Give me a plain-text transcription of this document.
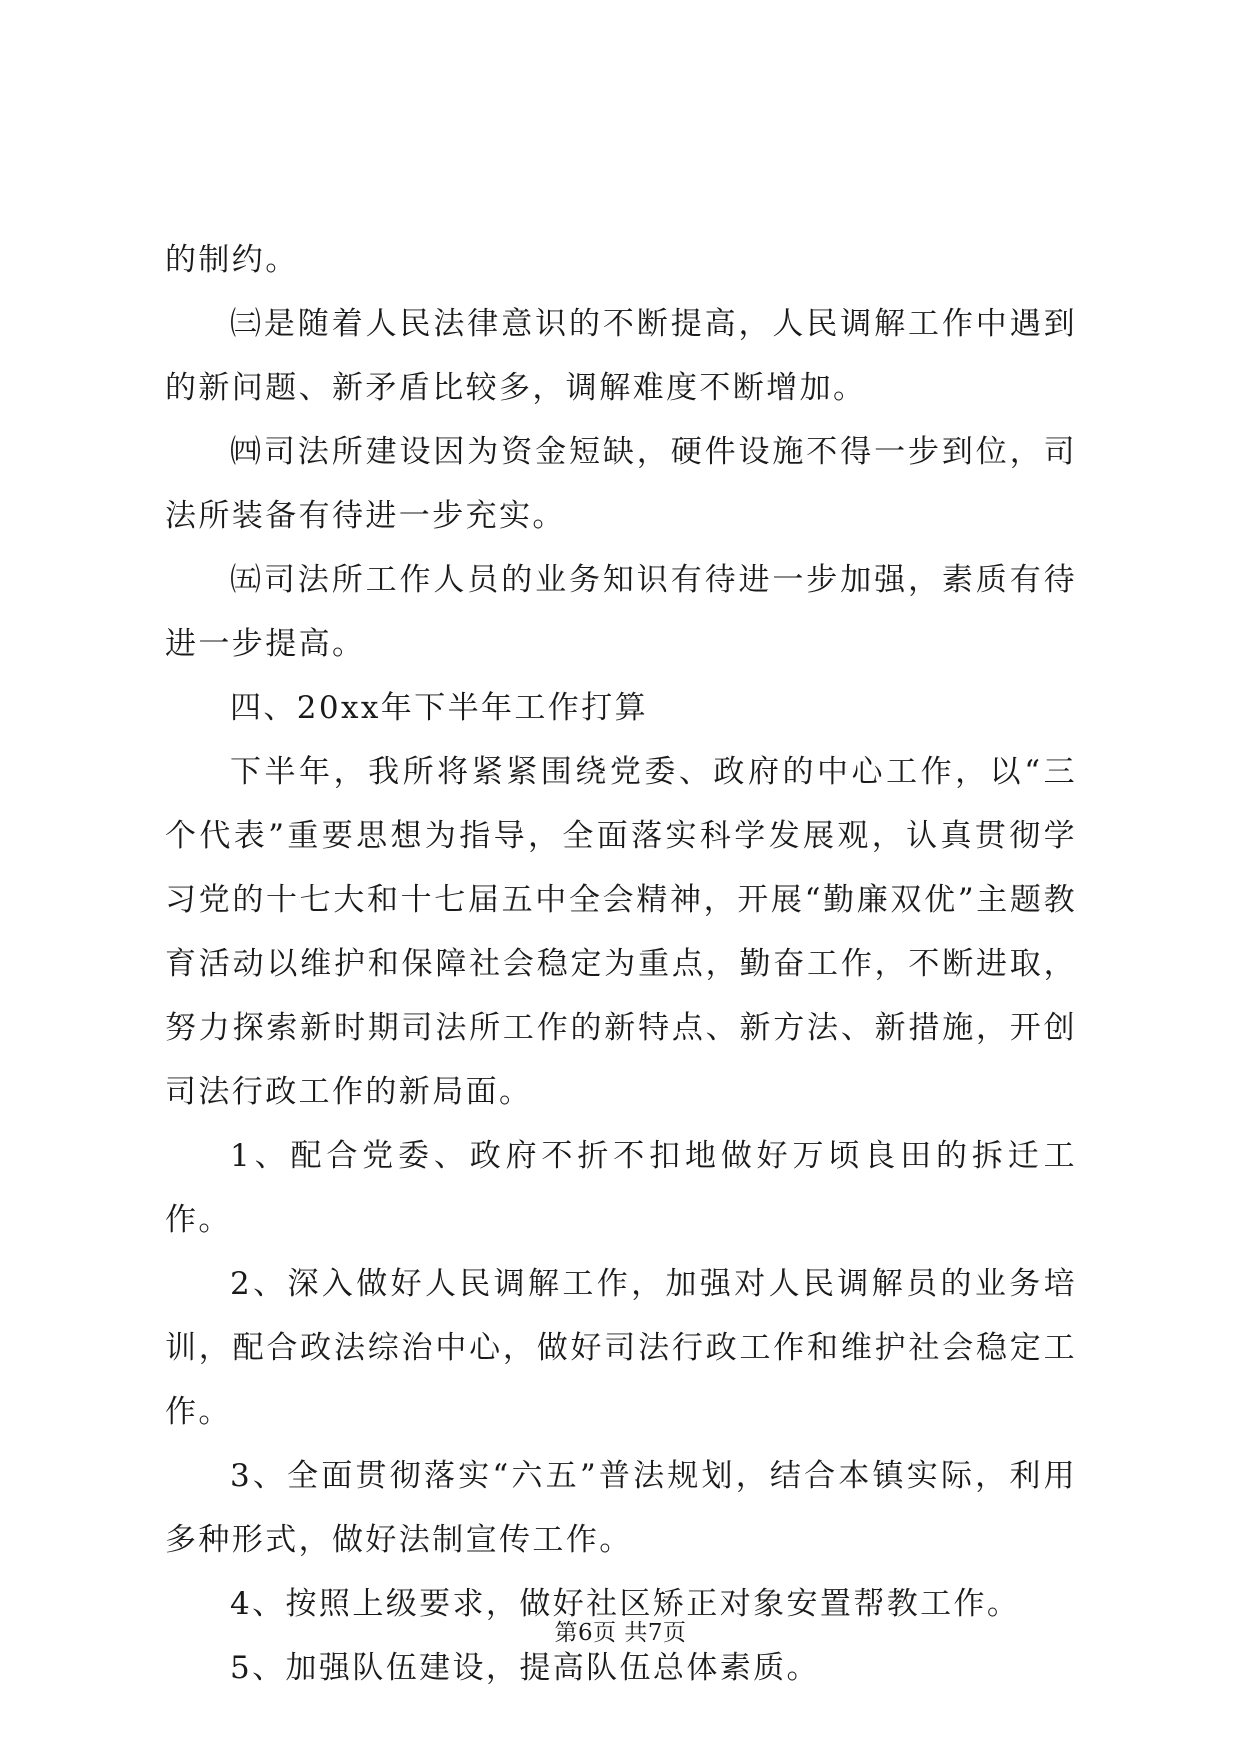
的制约。

㈢是随着人民法律意识的不断提高，人民调解工作中遇到的新问题、新矛盾比较多，调解难度不断增加。

㈣司法所建设因为资金短缺，硬件设施不得一步到位，司法所装备有待进一步充实。

㈤司法所工作人员的业务知识有待进一步加强，素质有待进一步提高。

四、20xx年下半年工作打算

下半年，我所将紧紧围绕党委、政府的中心工作，以“三个代表”重要思想为指导，全面落实科学发展观，认真贯彻学习党的十七大和十七届五中全会精神，开展“勤廉双优”主题教育活动以维护和保障社会稳定为重点，勤奋工作，不断进取，努力探索新时期司法所工作的新特点、新方法、新措施，开创司法行政工作的新局面。

1、配合党委、政府不折不扣地做好万顷良田的拆迁工作。

2、深入做好人民调解工作，加强对人民调解员的业务培训，配合政法综治中心，做好司法行政工作和维护社会稳定工作。

3、全面贯彻落实“六五”普法规划，结合本镇实际，利用多种形式，做好法制宣传工作。

4、按照上级要求，做好社区矫正对象安置帮教工作。

5、加强队伍建设，提高队伍总体素质。

第6页 共7页
